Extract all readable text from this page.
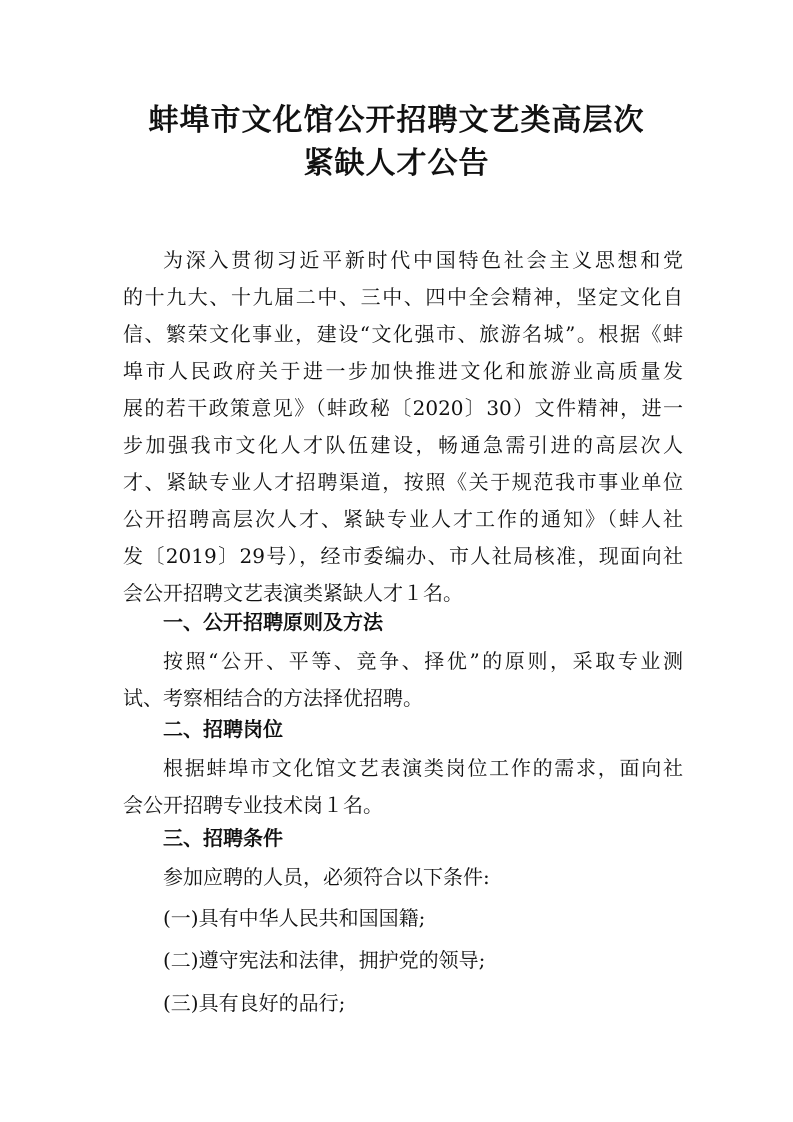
蚌埠市文化馆公开招聘文艺类高层次
紧缺人才公告
为深入贯彻习近平新时代中国特色社会主义思想和党
的十九大、十九届二中、三中、四中全会精神，坚定文化自
信、繁荣文化事业，建设“文化强市、旅游名城”。根据《蚌
埠市人民政府关于进一步加快推进文化和旅游业高质量发
展的若干政策意见》（蚌政秘〔2020〕30）文件精神，进一
步加强我市文化人才队伍建设，畅通急需引进的高层次人
才、紧缺专业人才招聘渠道，按照《关于规范我市事业单位
公开招聘高层次人才、紧缺专业人才工作的通知》（蚌人社
发〔2019〕29号），经市委编办、市人社局核准，现面向社
会公开招聘文艺表演类紧缺人才１名。
一、公开招聘原则及方法
按照“公开、平等、竞争、择优”的原则，采取专业测
试、考察相结合的方法择优招聘。
二、招聘岗位
根据蚌埠市文化馆文艺表演类岗位工作的需求，面向社
会公开招聘专业技术岗１名。
三、招聘条件
参加应聘的人员，必须符合以下条件:
(一)具有中华人民共和国国籍;
(二)遵守宪法和法律，拥护党的领导;
(三)具有良好的品行;
